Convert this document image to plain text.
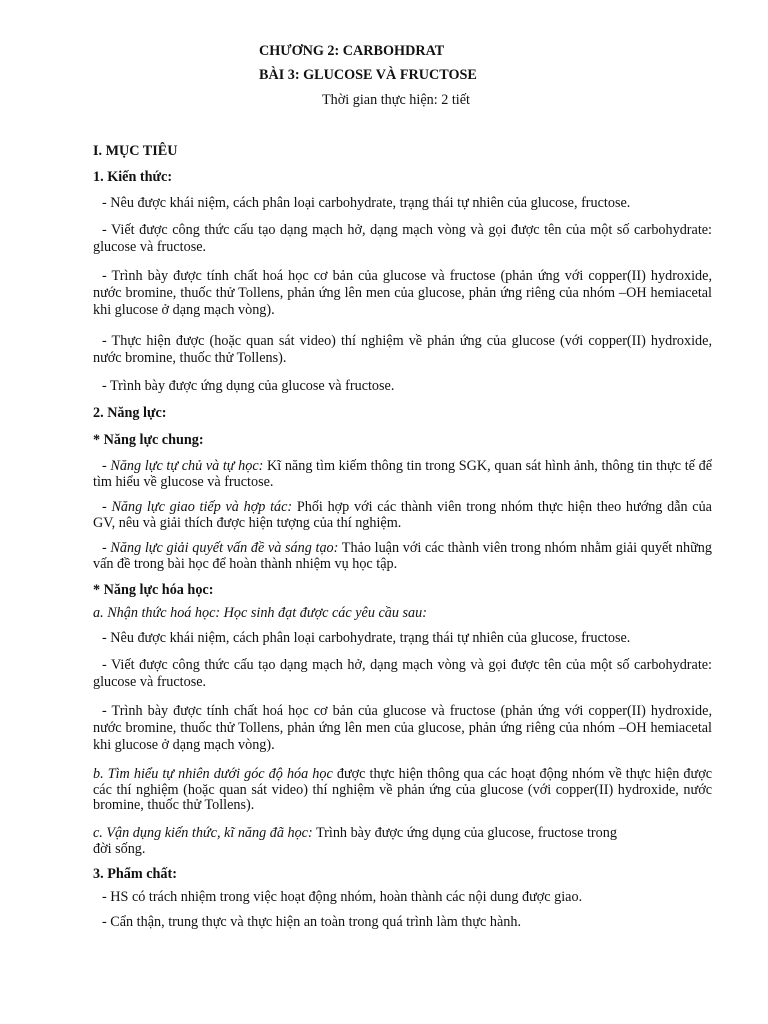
CHƯƠNG 2: CARBOHDRAT
BÀI 3: GLUCOSE VÀ FRUCTOSE
Thời gian thực hiện: 2 tiết
I. MỤC TIÊU
1. Kiến thức:
- Nêu được khái niệm, cách phân loại carbohydrate, trạng thái tự nhiên của glucose, fructose.
- Viết được công thức cấu tạo dạng mạch hở, dạng mạch vòng và gọi được tên của một số carbohydrate: glucose và fructose.
- Trình bày được tính chất hoá học cơ bản của glucose và fructose (phản ứng với copper(II) hydroxide, nước bromine, thuốc thử Tollens, phản ứng lên men của glucose, phản ứng riêng của nhóm –OH hemiacetal khi glucose ở dạng mạch vòng).
- Thực hiện được (hoặc quan sát video) thí nghiệm về phản ứng của glucose (với copper(II) hydroxide, nước bromine, thuốc thử Tollens).
- Trình bày được ứng dụng của glucose và fructose.
2. Năng lực:
* Năng lực chung:
- Năng lực tự chủ và tự học: Kĩ năng tìm kiếm thông tin trong SGK, quan sát hình ảnh, thông tin thực tế để tìm hiểu về glucose và fructose.
- Năng lực giao tiếp và hợp tác: Phối hợp với các thành viên trong nhóm thực hiện theo hướng dẫn của GV, nêu và giải thích được hiện tượng của thí nghiệm.
- Năng lực giải quyết vấn đề và sáng tạo: Thảo luận với các thành viên trong nhóm nhằm giải quyết những vấn đề trong bài học để hoàn thành nhiệm vụ học tập.
* Năng lực hóa học:
a. Nhận thức hoá học: Học sinh đạt được các yêu cầu sau:
- Nêu được khái niệm, cách phân loại carbohydrate, trạng thái tự nhiên của glucose, fructose.
- Viết được công thức cấu tạo dạng mạch hở, dạng mạch vòng và gọi được tên của một số carbohydrate: glucose và fructose.
- Trình bày được tính chất hoá học cơ bản của glucose và fructose (phản ứng với copper(II) hydroxide, nước bromine, thuốc thử Tollens, phản ứng lên men của glucose, phản ứng riêng của nhóm –OH hemiacetal khi glucose ở dạng mạch vòng).
b. Tìm hiểu tự nhiên dưới góc độ hóa học được thực hiện thông qua các hoạt động nhóm về thực hiện được các thí nghiệm (hoặc quan sát video) thí nghiệm về phản ứng của glucose (với copper(II) hydroxide, nước bromine, thuốc thử Tollens).
c. Vận dụng kiến thức, kĩ năng đã học: Trình bày được ứng dụng của glucose, fructose trong
đời sống.
3. Phẩm chất:
- HS có trách nhiệm trong việc hoạt động nhóm, hoàn thành các nội dung được giao.
- Cẩn thận, trung thực và thực hiện an toàn trong quá trình làm thực hành.
